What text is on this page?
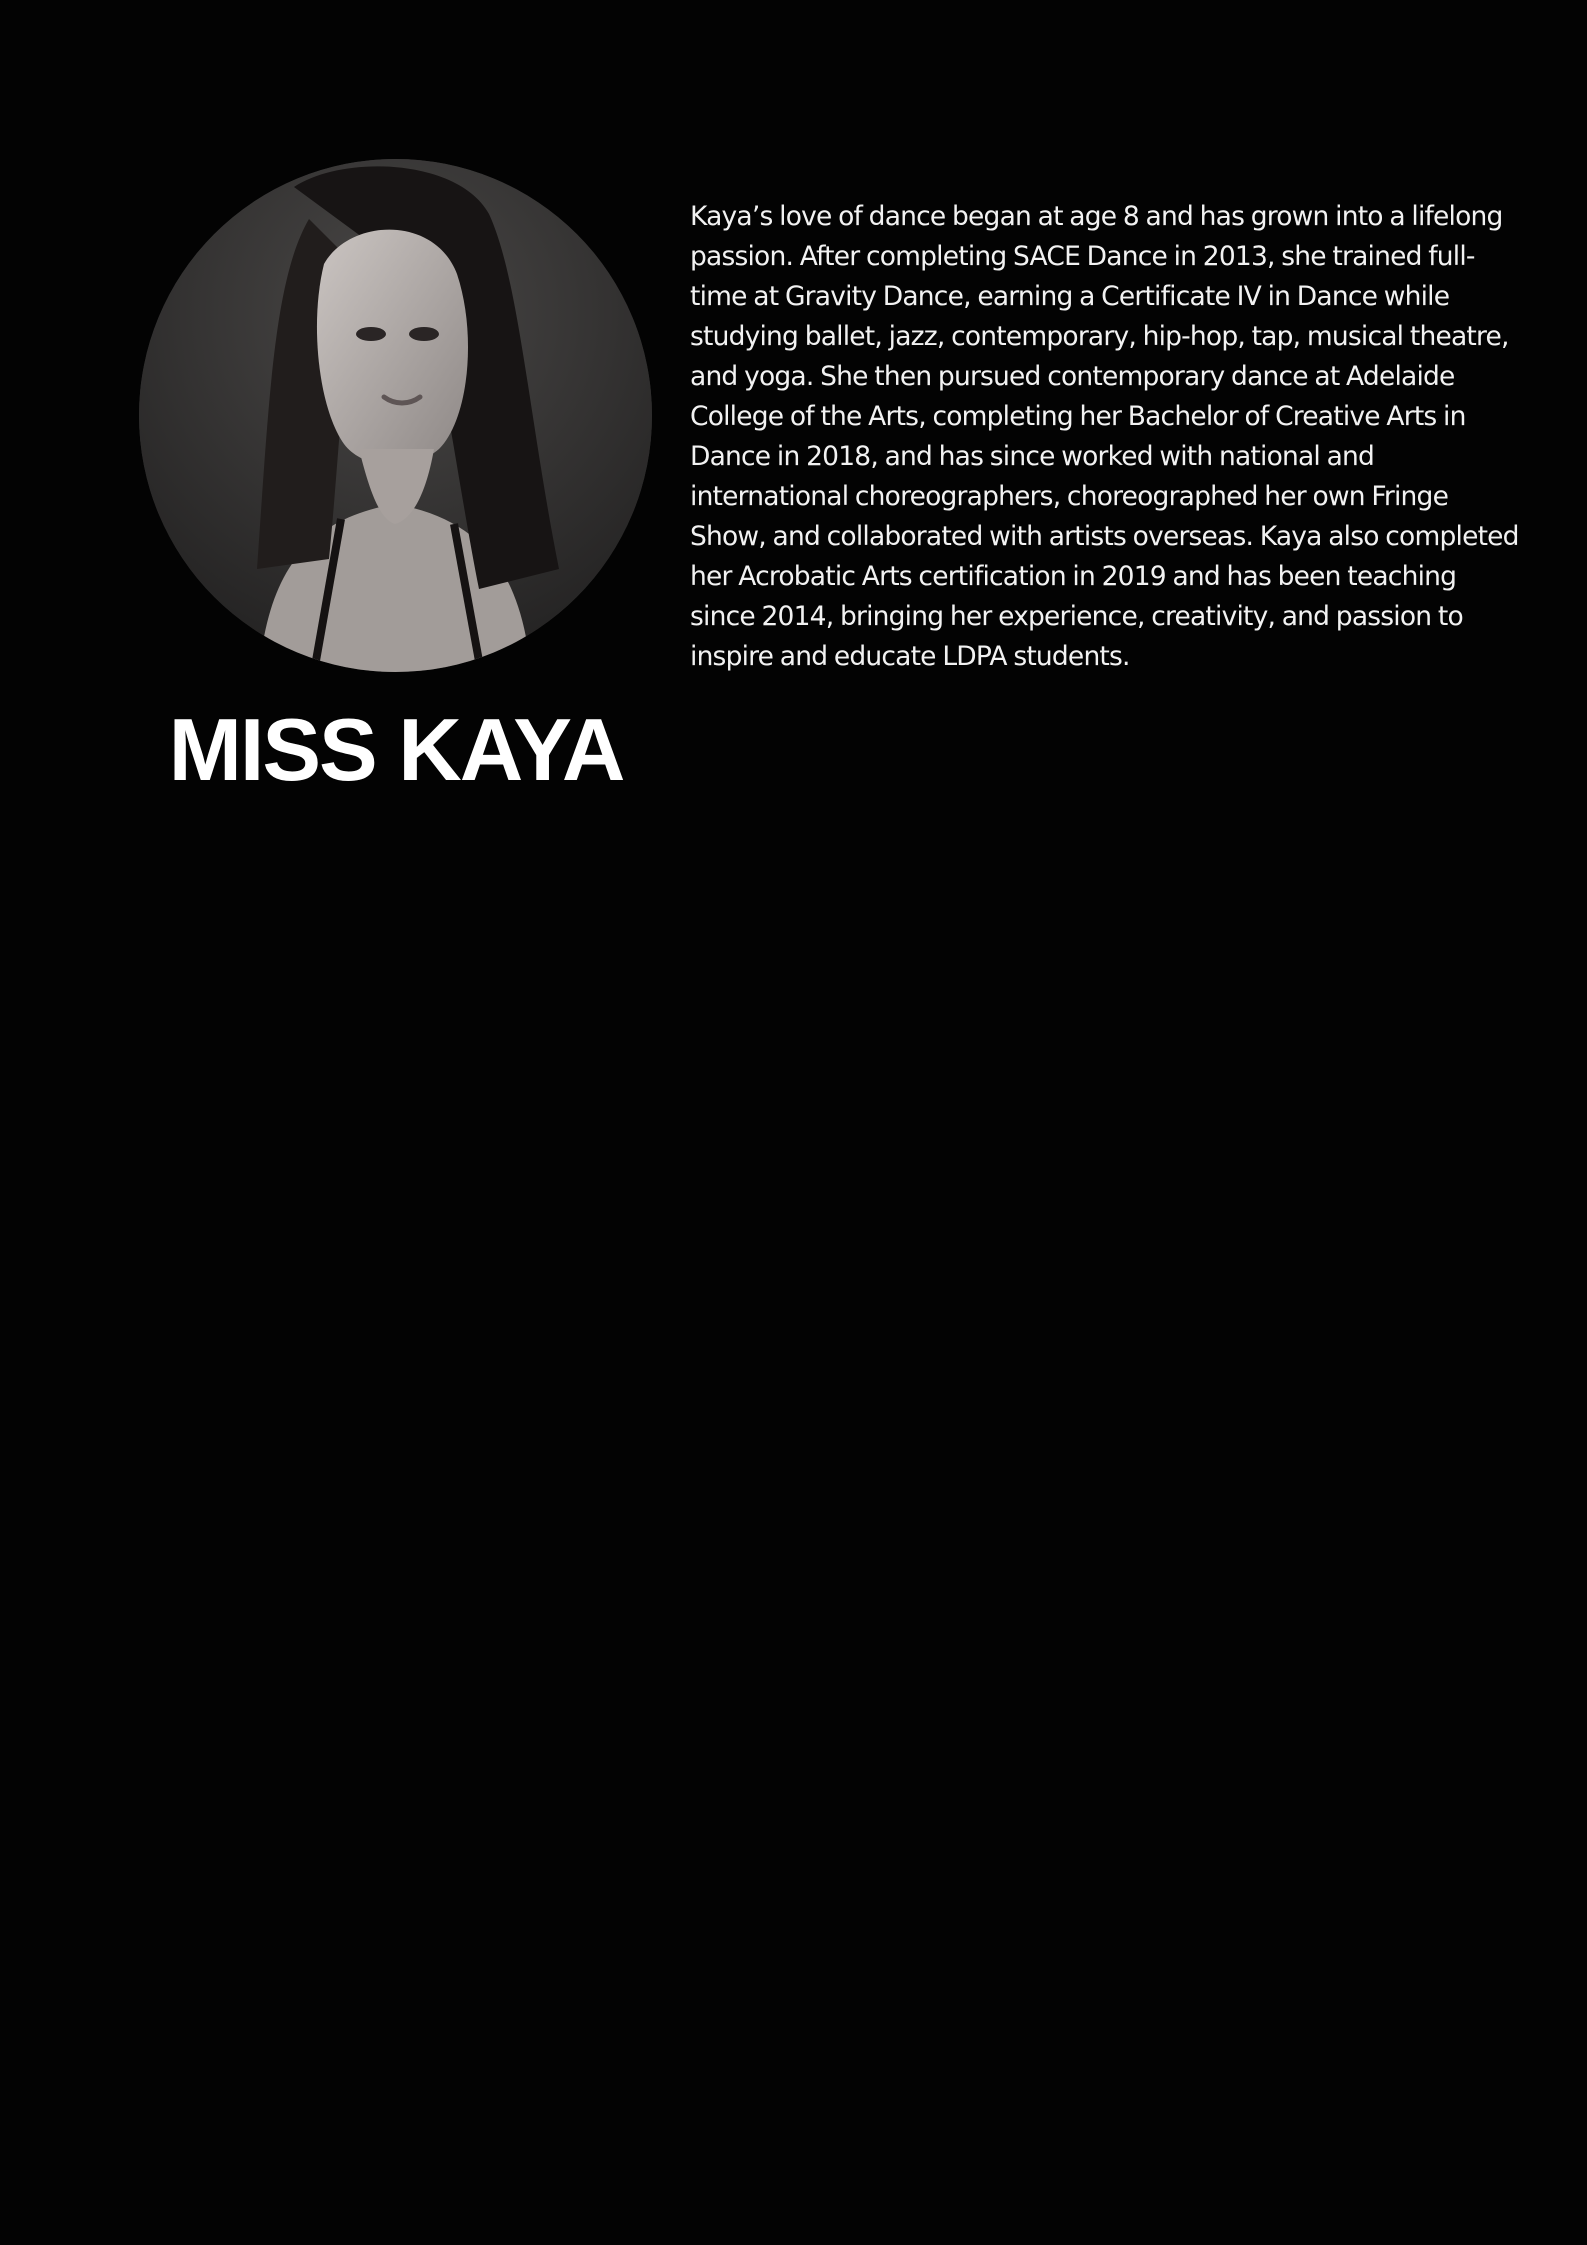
MISS KAYA

Kaya’s love of dance began at age 8 and has grown into a lifelong passion. After completing SACE Dance in 2013, she trained full-time at Gravity Dance, earning a Certificate IV in Dance while studying ballet, jazz, contemporary, hip-hop, tap, musical theatre, and yoga. She then pursued contemporary dance at Adelaide College of the Arts, completing her Bachelor of Creative Arts in Dance in 2018, and has since worked with national and international choreographers, choreographed her own Fringe Show, and collaborated with artists overseas. Kaya also completed her Acrobatic Arts certification in 2019 and has been teaching since 2014, bringing her experience, creativity, and passion to inspire and educate LDPA students.
